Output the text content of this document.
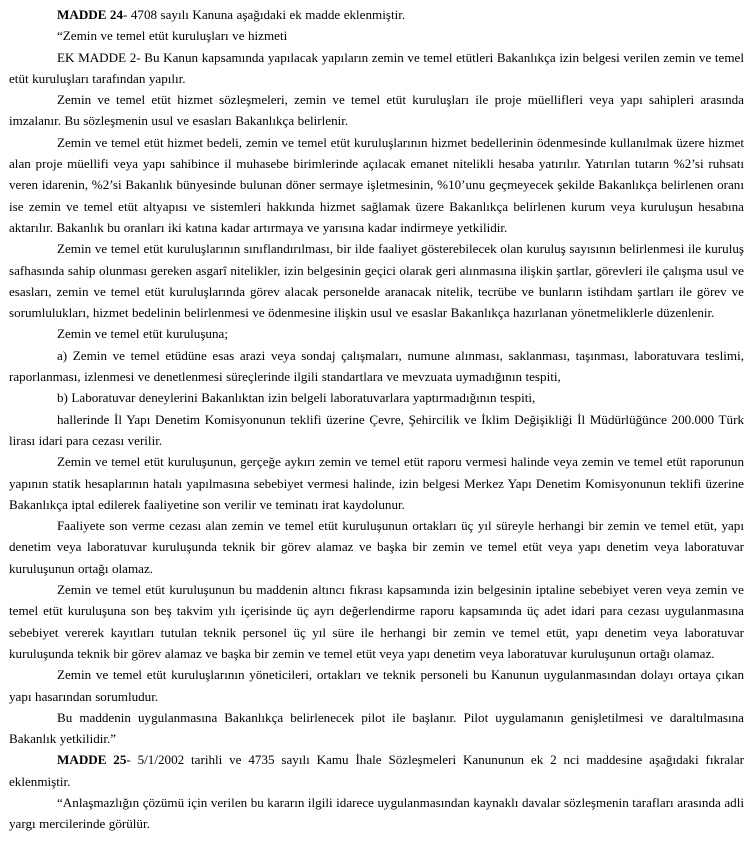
MADDE 24- 4708 sayılı Kanuna aşağıdaki ek madde eklenmiştir.

“Zemin ve temel etüt kuruluşları ve hizmeti

EK MADDE 2- Bu Kanun kapsamında yapılacak yapıların zemin ve temel etütleri Bakanlıkça izin belgesi verilen zemin ve temel etüt kuruluşları tarafından yapılır.

Zemin ve temel etüt hizmet sözleşmeleri, zemin ve temel etüt kuruluşları ile proje müellifleri veya yapı sahipleri arasında imzalanır. Bu sözleşmenin usul ve esasları Bakanlıkça belirlenir.

Zemin ve temel etüt hizmet bedeli, zemin ve temel etüt kuruluşlarının hizmet bedellerinin ödenmesinde kullanılmak üzere hizmet alan proje müellifi veya yapı sahibince il muhasebe birimlerinde açılacak emanet nitelikli hesaba yatırılır. Yatırılan tutarın %2’si ruhsatı veren idarenin, %2’si Bakanlık bünyesinde bulunan döner sermaye işletmesinin, %10’unu geçmeyecek şekilde Bakanlıkça belirlenen oranı ise zemin ve temel etüt altyapısı ve sistemleri hakkında hizmet sağlamak üzere Bakanlıkça belirlenen kurum veya kuruluşun hesabına aktarılır. Bakanlık bu oranları iki katına kadar artırmaya ve yarısına kadar indirmeye yetkilidir.

Zemin ve temel etüt kuruluşlarının sınıflandırılması, bir ilde faaliyet gösterebilecek olan kuruluş sayısının belirlenmesi ile kuruluş safhasında sahip olunması gereken asgarî nitelikler, izin belgesinin geçici olarak geri alınmasına ilişkin şartlar, görevleri ile çalışma usul ve esasları, zemin ve temel etüt kuruluşlarında görev alacak personelde aranacak nitelik, tecrübe ve bunların istihdam şartları ile görev ve sorumlulukları, hizmet bedelinin belirlenmesi ve ödenmesine ilişkin usul ve esaslar Bakanlıkça hazırlanan yönetmeliklerle düzenlenir.

Zemin ve temel etüt kuruluşuna;

a) Zemin ve temel etüdüne esas arazi veya sondaj çalışmaları, numune alınması, saklanması, taşınması, laboratuvara teslimi, raporlanması, izlenmesi ve denetlenmesi süreçlerinde ilgili standartlara ve mevzuata uymadığının tespiti,

b) Laboratuvar deneylerini Bakanlıktan izin belgeli laboratuvarlara yaptırmadığının tespiti,

hallerinde İl Yapı Denetim Komisyonunun teklifi üzerine Çevre, Şehircilik ve İklim Değişikliği İl Müdürlüğünce 200.000 Türk lirası idari para cezası verilir.

Zemin ve temel etüt kuruluşunun, gerçeğe aykırı zemin ve temel etüt raporu vermesi halinde veya zemin ve temel etüt raporunun yapının statik hesaplarının hatalı yapılmasına sebebiyet vermesi halinde, izin belgesi Merkez Yapı Denetim Komisyonunun teklifi üzerine Bakanlıkça iptal edilerek faaliyetine son verilir ve teminatı irat kaydolunur.

Faaliyete son verme cezası alan zemin ve temel etüt kuruluşunun ortakları üç yıl süreyle herhangi bir zemin ve temel etüt, yapı denetim veya laboratuvar kuruluşunda teknik bir görev alamaz ve başka bir zemin ve temel etüt veya yapı denetim veya laboratuvar kuruluşunun ortağı olamaz.

Zemin ve temel etüt kuruluşunun bu maddenin altıncı fıkrası kapsamında izin belgesinin iptaline sebebiyet veren veya zemin ve temel etüt kuruluşuna son beş takvim yılı içerisinde üç ayrı değerlendirme raporu kapsamında üç adet idari para cezası uygulanmasına sebebiyet vererek kayıtları tutulan teknik personel üç yıl süre ile herhangi bir zemin ve temel etüt, yapı denetim veya laboratuvar kuruluşunda teknik bir görev alamaz ve başka bir zemin ve temel etüt veya yapı denetim veya laboratuvar kuruluşunun ortağı olamaz.

Zemin ve temel etüt kuruluşlarının yöneticileri, ortakları ve teknik personeli bu Kanunun uygulanmasından dolayı ortaya çıkan yapı hasarından sorumludur.

Bu maddenin uygulanmasına Bakanlıkça belirlenecek pilot ile başlanır. Pilot uygulamanın genişletilmesi ve daraltılmasına Bakanlık yetkilidir.”

MADDE 25- 5/1/2002 tarihli ve 4735 sayılı Kamu İhale Sözleşmeleri Kanununun ek 2 nci maddesine aşağıdaki fıkralar eklenmiştir.

“Anlaşmazlığın çözümü için verilen bu kararın ilgili idarece uygulanmasından kaynaklı davalar sözleşmenin tarafları arasında adli yargı mercilerinde görülür.
